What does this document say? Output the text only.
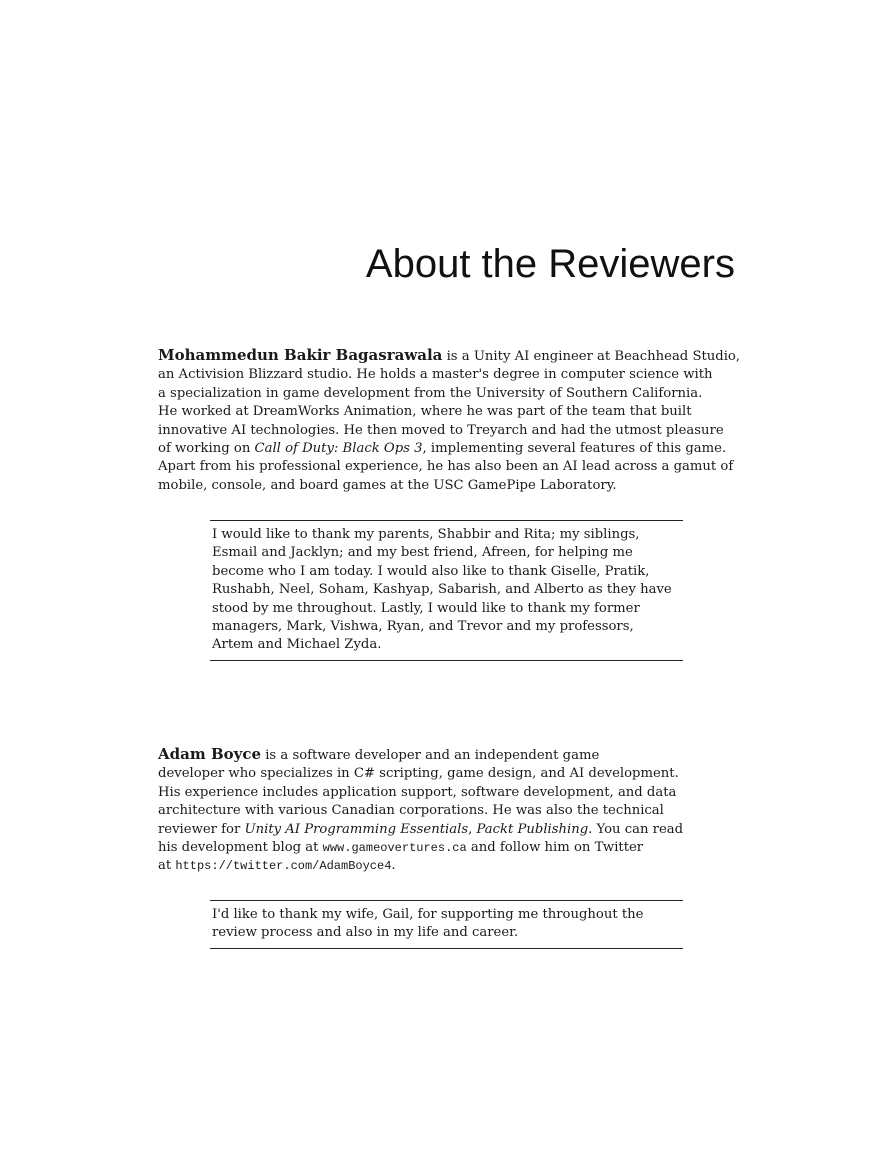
About the Reviewers

Mohammedun Bakir Bagasrawala is a Unity AI engineer at Beachhead Studio,
an Activision Blizzard studio. He holds a master's degree in computer science with
a specialization in game development from the University of Southern California.
He worked at DreamWorks Animation, where he was part of the team that built
innovative AI technologies. He then moved to Treyarch and had the utmost pleasure
of working on Call of Duty: Black Ops 3, implementing several features of this game.
Apart from his professional experience, he has also been an AI lead across a gamut of
mobile, console, and board games at the USC GamePipe Laboratory.

I would like to thank my parents, Shabbir and Rita; my siblings,
Esmail and Jacklyn; and my best friend, Afreen, for helping me
become who I am today. I would also like to thank Giselle, Pratik,
Rushabh, Neel, Soham, Kashyap, Sabarish, and Alberto as they have
stood by me throughout. Lastly, I would like to thank my former
managers, Mark, Vishwa, Ryan, and Trevor and my professors,
Artem and Michael Zyda.

Adam Boyce is a software developer and an independent game
developer who specializes in C# scripting, game design, and AI development.
His experience includes application support, software development, and data
architecture with various Canadian corporations. He was also the technical
reviewer for Unity AI Programming Essentials, Packt Publishing. You can read
his development blog at www.gameovertures.ca and follow him on Twitter
at https://twitter.com/AdamBoyce4.

I'd like to thank my wife, Gail, for supporting me throughout the
review process and also in my life and career.
